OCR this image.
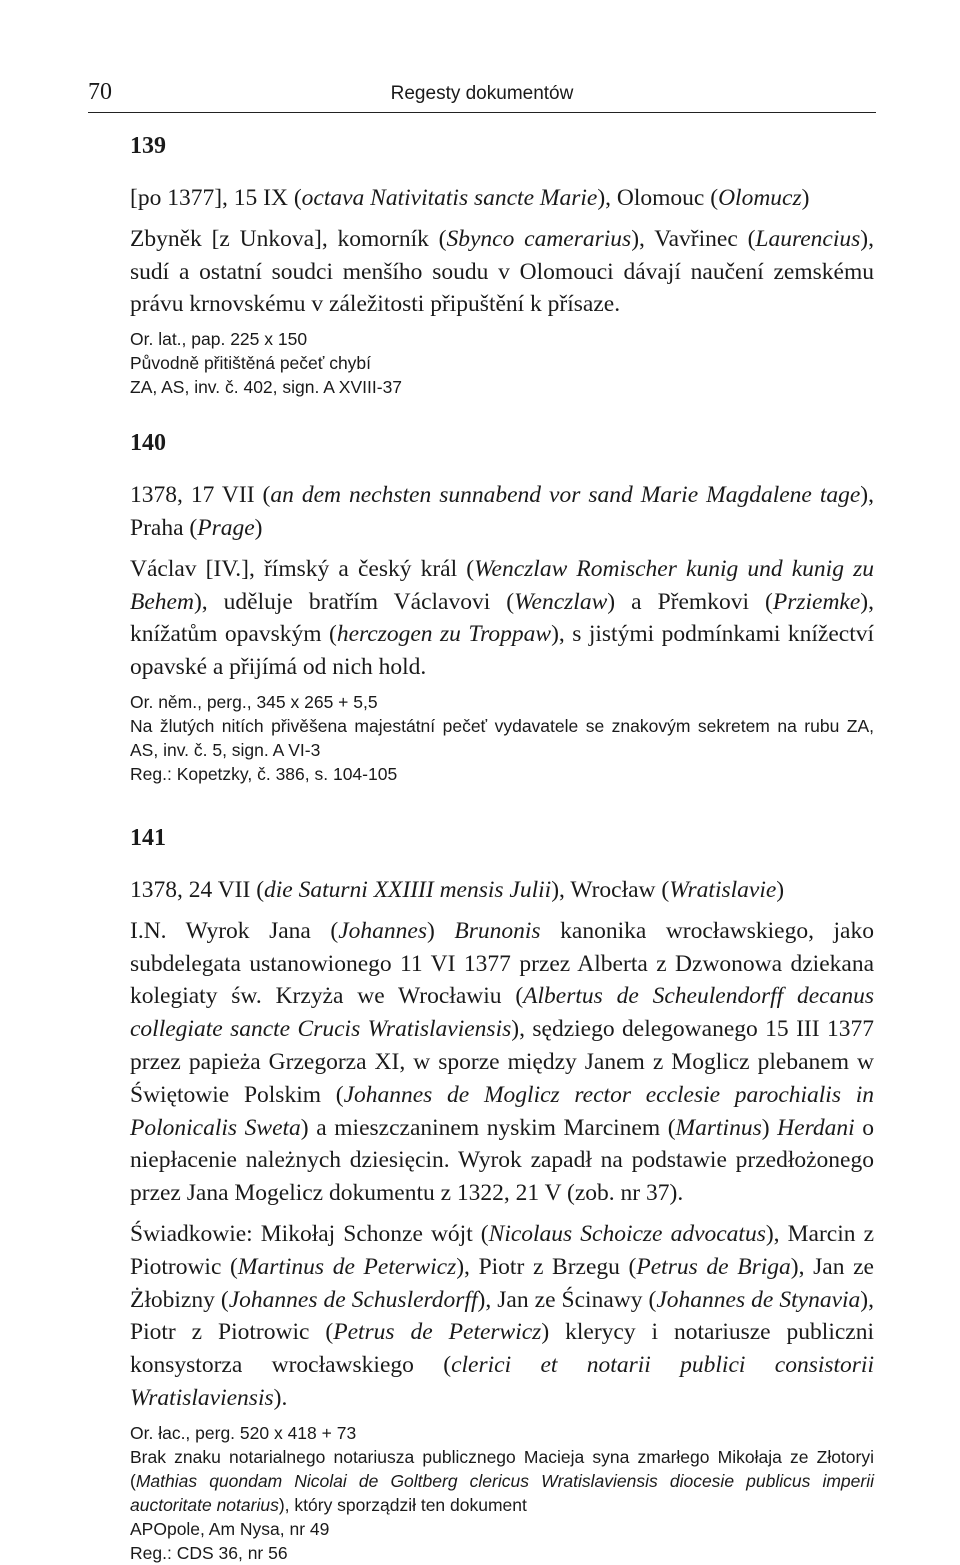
70	Regesty dokumentów
139

[po 1377], 15 IX (octava Nativitatis sancte Marie), Olomouc (Olomucz)

Zbyněk [z Unkova], komorník (Sbynco camerarius), Vavřinec (Laurencius), sudí a ostatní soudci menšího soudu v Olomouci dávají naučení zemskému právu krnovskému v záležitosti připuštění k přísaze.

Or. lat., pap. 225 x 150
Původně přitištěná pečeť chybí
ZA, AS, inv. č. 402, sign. A XVIII-37
140

1378, 17 VII (an dem nechsten sunnabend vor sand Marie Magdalene tage), Praha (Prage)

Václav [IV.], římský a český král (Wenczlaw Romischer kunig und kunig zu Behem), uděluje bratřím Václavovi (Wenczlaw) a Přemkovi (Prziemke), knížatům opavským (herczogen zu Troppaw), s jistými podmínkami knížectví opavské a přijímá od nich hold.

Or. něm., perg., 345 x 265 + 5,5
Na žlutých nitích přivěšena majestátní pečeť vydavatele se znakovým sekretem na rubu ZA, AS, inv. č. 5, sign. A VI-3
Reg.: Kopetzky, č. 386, s. 104-105
141

1378, 24 VII (die Saturni XXIIII mensis Julii), Wrocław (Wratislavie)

I.N. Wyrok Jana (Johannes) Brunonis kanonika wrocławskiego, jako subdelegata ustanowionego 11 VI 1377 przez Alberta z Dzwonowa dziekana kolegiaty św. Krzyża we Wrocławiu (Albertus de Scheulendorff decanus collegiate sancte Crucis Wratislaviensis), sędziego delegowanego 15 III 1377 przez papieża Grzegorza XI, w sporze między Janem z Moglicz plebanem w Świętowie Polskim (Johannes de Moglicz rector ecclesie parochialis in Polonicalis Sweta) a mieszczaninem nyskim Marcinem (Martinus) Herdani o niepłacenie należnych dziesięcin. Wyrok zapadł na podstawie przedłożonego przez Jana Mogelicz dokumentu z 1322, 21 V (zob. nr 37).

Świadkowie: Mikołaj Schonze wójt (Nicolaus Schoicze advocatus), Marcin z Piotrowic (Martinus de Peterwicz), Piotr z Brzegu (Petrus de Briga), Jan ze Żłobizny (Johannes de Schuslerdorff), Jan ze Ścinawy (Johannes de Stynavia), Piotr z Piotrowic (Petrus de Peterwicz) klerycy i notariusze publiczni konsystorza wrocławskiego (clerici et notarii publici consistorii Wratislaviensis).

Or. łac., perg. 520 x 418 + 73
Brak znaku notarialnego notariusza publicznego Macieja syna zmarłego Mikołaja ze Złotoryi (Mathias quondam Nicolai de Goltberg clericus Wratislaviensis diocesie publicus imperii auctoritate notarius), który sporządził ten dokument
APOpole, Am Nysa, nr 49
Reg.: CDS 36, nr 56
